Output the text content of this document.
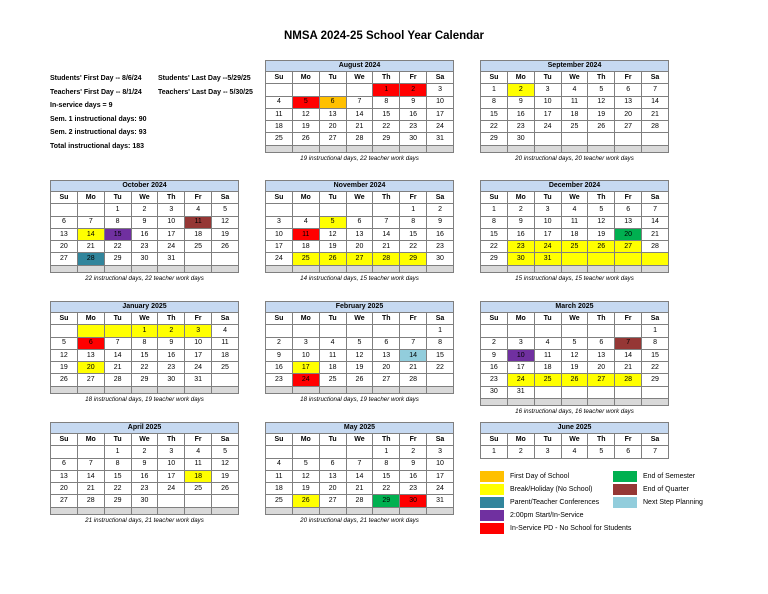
NMSA 2024-25 School Year Calendar
Students' First Day -- 8/6/24 Students' Last Day --5/29/25
Teachers' First Day -- 8/1/24 Teachers' Last Day -- 5/30/25
In-service days = 9
Sem. 1 instructional days: 90
Sem. 2 instructional days: 93
Total instructional days: 183
August 2024						
Su	Mo	Tu	We	Th	Fr	Sa
				1	2	3
4	5	6	7	8	9	10
11	12	13	14	15	16	17
18	19	20	21	22	23	24
25	26	27	28	29	30	31

19 instructional days, 22 teacher work days
September 2024						
Su	Mo	Tu	We	Th	Fr	Sa
1	2	3	4	5	6	7
8	9	10	11	12	13	14
15	16	17	18	19	20	21
22	23	24	25	26	27	28
29	30					

20 instructional days, 20 teacher work days
October 2024						
Su	Mo	Tu	We	Th	Fr	Sa
		1	2	3	4	5
6	7	8	9	10	11	12
13	14	15	16	17	18	19
20	21	22	23	24	25	26
27	28	29	30	31		

22 instructional days, 22 teacher work days
November 2024						
Su	Mo	Tu	We	Th	Fr	Sa
					1	2
3	4	5	6	7	8	9
10	11	12	13	14	15	16
17	18	19	20	21	22	23
24	25	26	27	28	29	30

14 instructional days, 15 teacher work days
December 2024						
Su	Mo	Tu	We	Th	Fr	Sa
1	2	3	4	5	6	7
8	9	10	11	12	13	14
15	16	17	18	19	20	21
22	23	24	25	26	27	28
29	30	31				

15 instructional days, 15 teacher work days
January 2025						
Su	Mo	Tu	We	Th	Fr	Sa
			1	2	3	4
5	6	7	8	9	10	11
12	13	14	15	16	17	18
19	20	21	22	23	24	25
26	27	28	29	30	31	

18 instructional days, 19 teacher work days
February 2025						
Su	Mo	Tu	We	Th	Fr	Sa
						1
2	3	4	5	6	7	8
9	10	11	12	13	14	15
16	17	18	19	20	21	22
23	24	25	26	27	28	

18 instructional days, 19 teacher work days
March 2025						
Su	Mo	Tu	We	Th	Fr	Sa
						1
2	3	4	5	6	7	8
9	10	11	12	13	14	15
16	17	18	19	20	21	22
23	24	25	26	27	28	29
30	31					

16 instructional days, 16 teacher work days
April 2025						
Su	Mo	Tu	We	Th	Fr	Sa
		1	2	3	4	5
6	7	8	9	10	11	12
13	14	15	16	17	18	19
20	21	22	23	24	25	26
27	28	29	30			

21 instructional days, 21 teacher work days
May 2025						
Su	Mo	Tu	We	Th	Fr	Sa
				1	2	3
4	5	6	7	8	9	10
11	12	13	14	15	16	17
18	19	20	21	22	23	24
25	26	27	28	29	30	31

20 instructional days, 21 teacher work days
June 2025						
Su	Mo	Tu	We	Th	Fr	Sa
1	2	3	4	5	6	7
First Day of School
Break/Holiday (No School)
Parent/Teacher Conferences
2:00pm Start/In-Service
In-Service PD - No School for Students
End of Semester
End of Quarter
Next Step Planning
